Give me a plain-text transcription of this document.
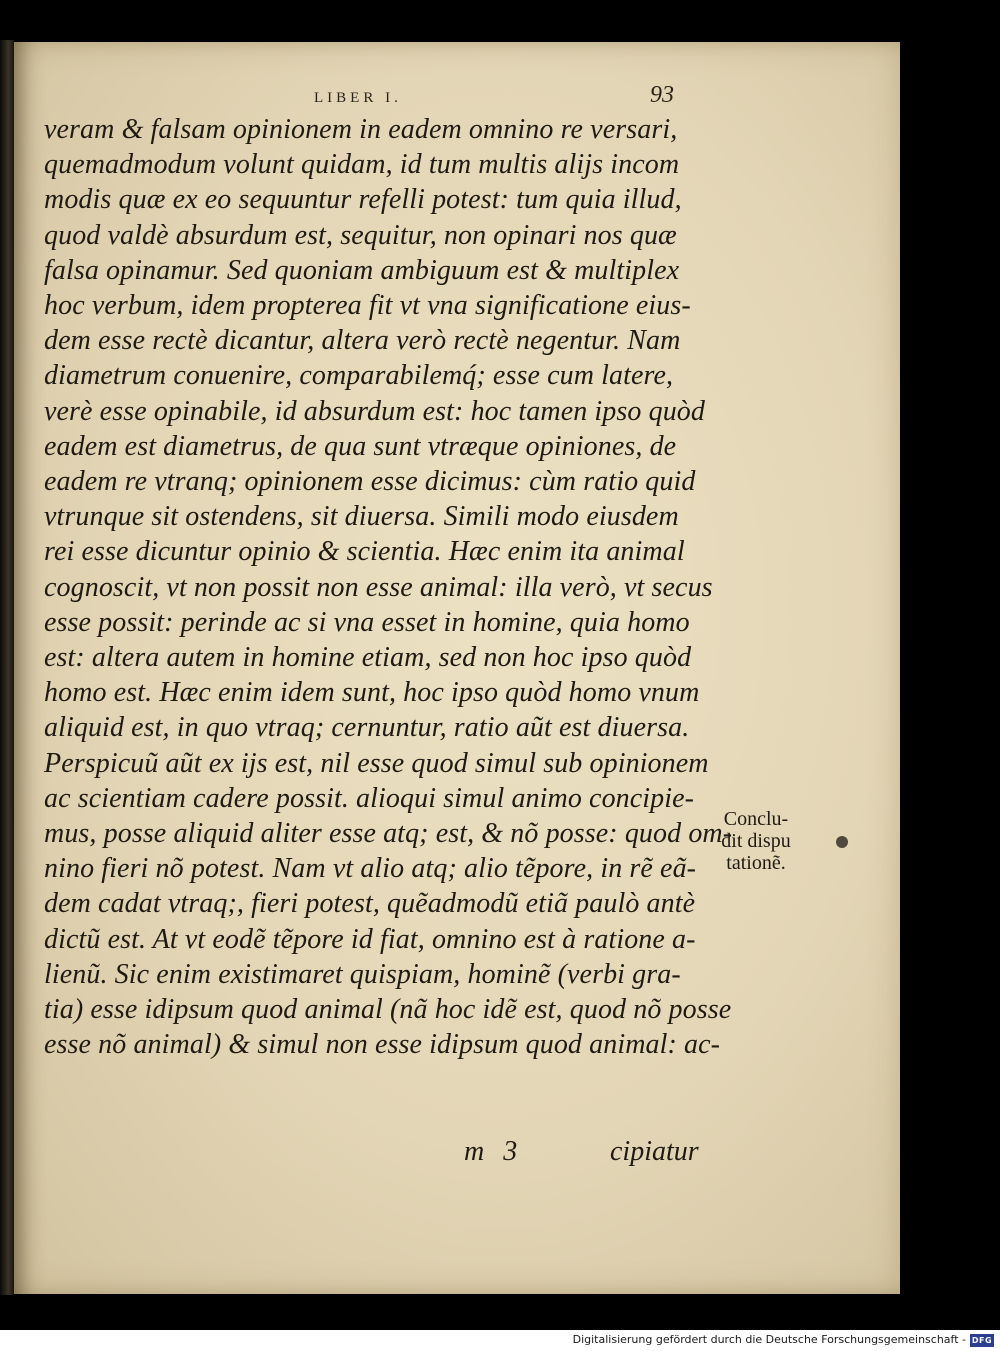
LIBER I.	93
veram & falsam opinionem in eadem omnino re versari,
quemadmodum volunt quidam, id tum multis alijs incom
modis quæ ex eo sequuntur refelli potest: tum quia illud,
quod valdè absurdum est, sequitur, non opinari nos quæ
falsa opinamur. Sed quoniam ambiguum est & multiplex
hoc verbum, idem propterea fit vt vna significatione eius-
dem esse rectè dicantur, altera verò rectè negentur. Nam
diametrum conuenire, comparabilemq́; esse cum latere,
verè esse opinabile, id absurdum est: hoc tamen ipso quòd
eadem est diametrus, de qua sunt vtræque opiniones, de
eadem re vtranq; opinionem esse dicimus: cùm ratio quid
vtrunque sit ostendens, sit diuersa. Simili modo eiusdem
rei esse dicuntur opinio & scientia. Hæc enim ita animal
cognoscit, vt non possit non esse animal: illa verò, vt secus
esse possit: perinde ac si vna esset in homine, quia homo
est: altera autem in homine etiam, sed non hoc ipso quòd
homo est. Hæc enim idem sunt, hoc ipso quòd homo vnum
aliquid est, in quo vtraq; cernuntur, ratio aũt est diuersa.
Perspicuũ aũt ex ijs est, nil esse quod simul sub opinionem
ac scientiam cadere possit. alioqui simul animo concipie-
mus, posse aliquid aliter esse atq; est, & nõ posse: quod om-
nino fieri nõ potest. Nam vt alio atq; alio tẽpore, in rẽ eã-
dem cadat vtraq;, fieri potest, quẽadmodũ etiã paulò antè
dictũ est. At vt eodẽ tẽpore id fiat, omnino est à ratione a-
lienũ. Sic enim existimaret quispiam, hominẽ (verbi gra-
tia) esse idipsum quod animal (nã hoc idẽ est, quod nõ posse
esse nõ animal) & simul non esse idipsum quod animal: ac-
Conclu-
dit dispu
tationẽ.
m 3	cipiatur
Digitalisierung gefördert durch die Deutsche Forschungsgemeinschaft - DFG
